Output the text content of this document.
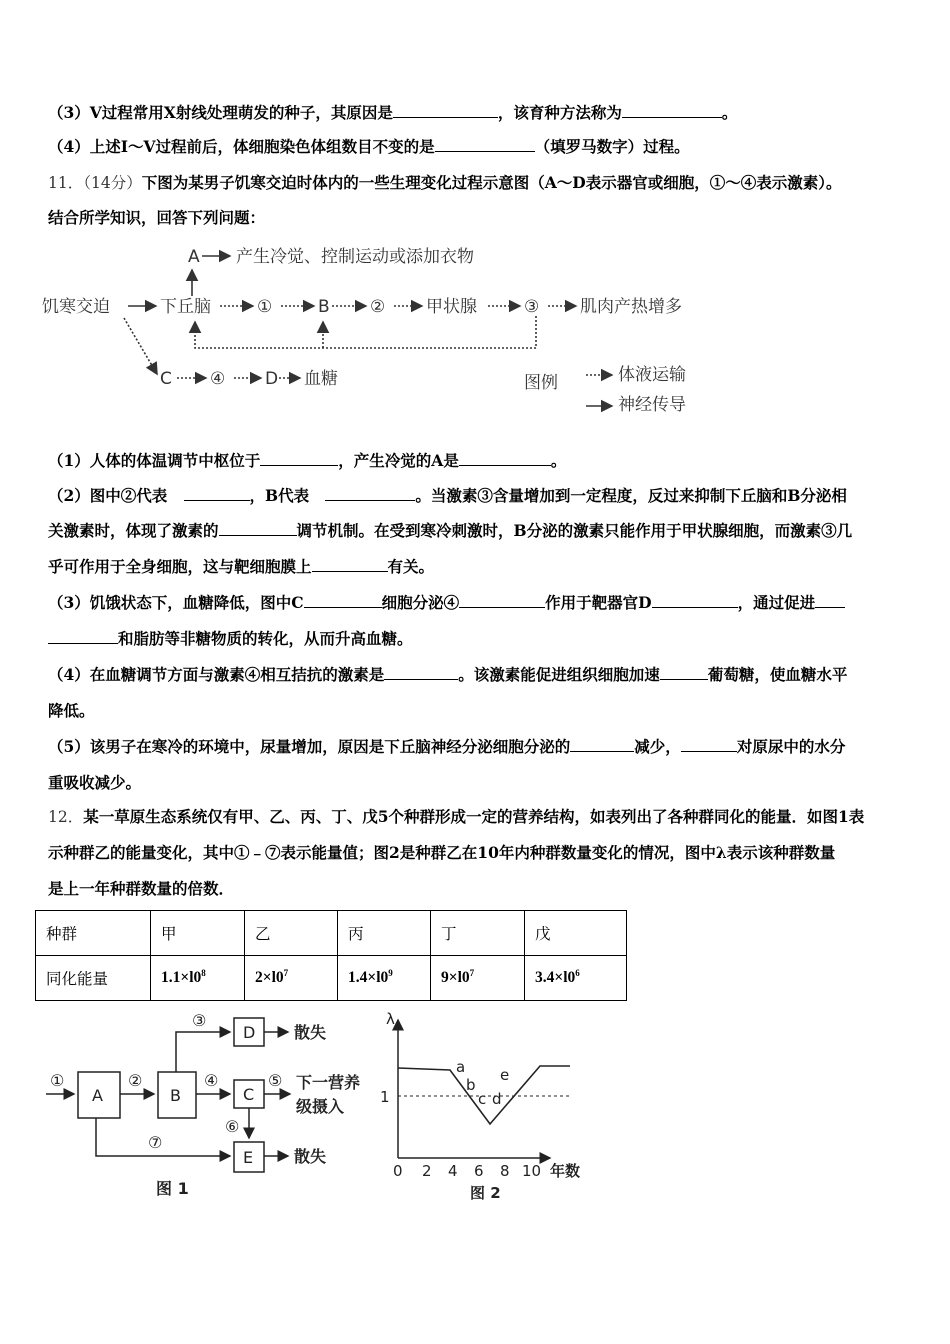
（3）V过程常用X射线处理萌发的种子，其原因是	，该育种方法称为	。
（4）上述I～V过程前后，体细胞染色体组数目不变的是	（填罗马数字）过程。
11．（14分）下图为某男子饥寒交迫时体内的一些生理变化过程示意图（A～D表示器官或细胞，①～④表示激素）。
结合所学知识，回答下列问题：
饥寒交迫	下丘脑	①	B ② 甲状腺	③ 肌肉产热增多
A 产生冷觉、控制运动或添加衣物
C ④ D 血糖	图例	体液运输
神经传导
（1）人体的体温调节中枢位于	，产生冷觉的A是	。
（2）图中②代表	，B代表	。当激素③含量增加到一定程度，反过来抑制下丘脑和B分泌相
关激素时，体现了激素的	调节机制。在受到寒冷刺激时，B分泌的激素只能作用于甲状腺细胞，而激素③几
乎可作用于全身细胞，这与靶细胞膜上	有关。
（3）饥饿状态下，血糖降低，图中C	细胞分泌④	作用于靶器官D	，通过促进
和脂肪等非糖物质的转化，从而升高血糖。
（4）在血糖调节方面与激素④相互拮抗的激素是	。该激素能促进组织细胞加速	葡萄糖，使血糖水平
降低。
（5）该男子在寒冷的环境中，尿量增加，原因是下丘脑神经分泌细胞分泌的	减少，	对原尿中的水分
重吸收减少。
12．某一草原生态系统仅有甲、乙、丙、丁、戊5个种群形成一定的营养结构，如表列出了各种群同化的能量．如图1表
示种群乙的能量变化，其中①﹣⑦表示能量值；图2是种群乙在10年内种群数量变化的情况，图中λ表示该种群数量
是上一年种群数量的倍数．
种群	甲	乙	丙	丁	戊
同化能量	$1.1\times l0^8$	$2\times l0^7$	$1.4\times l0^9$	$9\times l0^7$	$3.4\times l0^6$
A	B	C
D
E
①	②
③
④	⑤
⑥
⑦
散失
下一营养
级摄入
散失
图 1
λ
1
a
b
c d
e
0 2 4 6 8 10 年数
图 2
